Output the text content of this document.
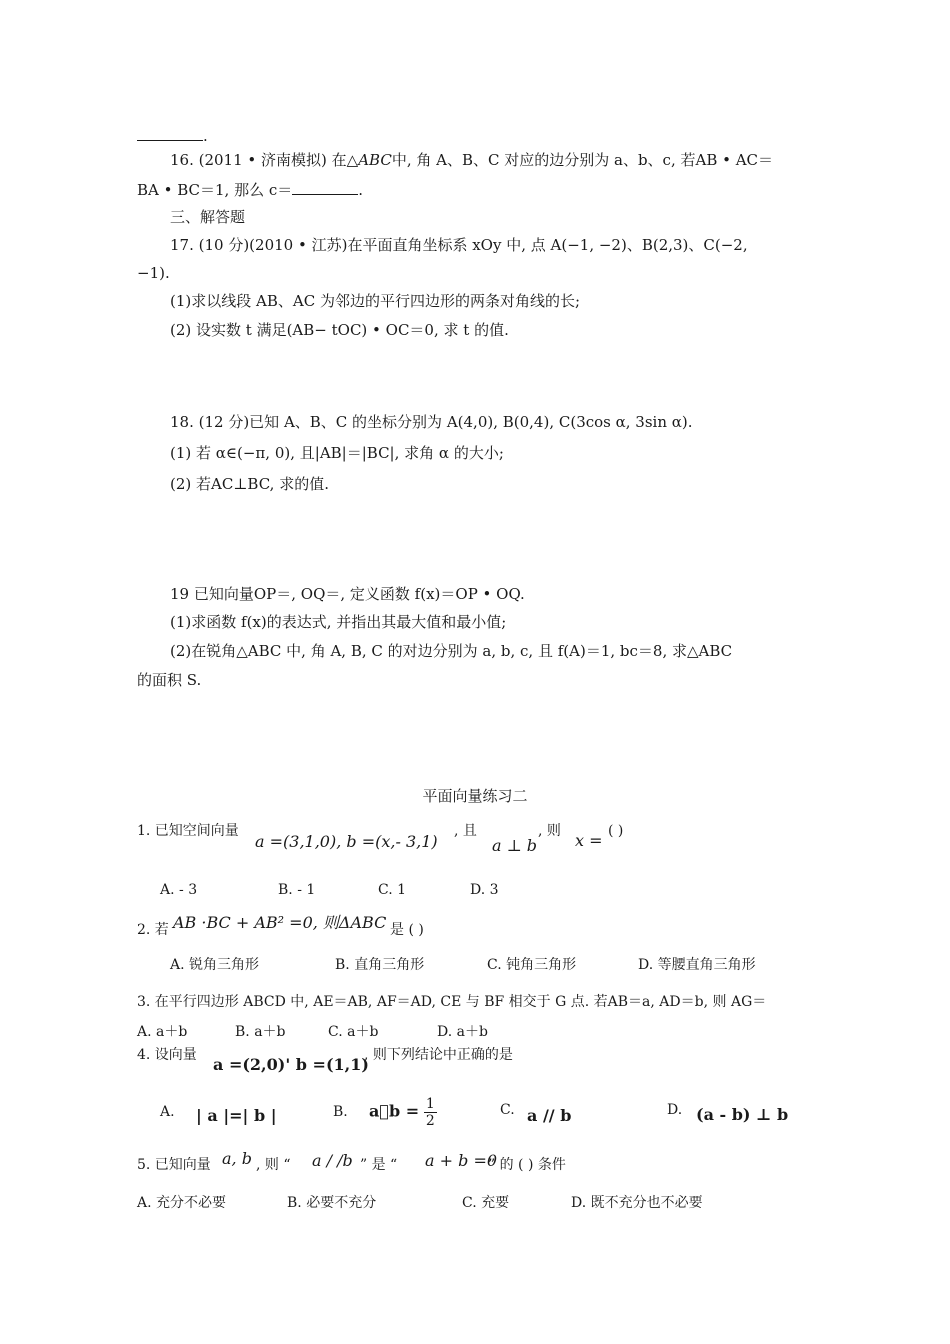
.
16. (2011 • 济南模拟) 在△ABC中, 角 A、B、C 对应的边分别为 a、b、c, 若AB • AC＝
BA • BC＝1, 那么 c＝	.
三、解答题
17. (10 分)(2010 • 江苏)在平面直角坐标系 xOy 中, 点 A(−1, −2)、B(2,3)、C(−2,
−1).
(1)求以线段 AB、AC 为邻边的平行四边形的两条对角线的长;
(2) 设实数 t 满足(AB− tOC) • OC＝0, 求 t 的值.
18. (12 分)已知 A、B、C 的坐标分别为 A(4,0), B(0,4), C(3cos α, 3sin α).
(1) 若 α∈(−π, 0), 且|AB|＝|BC|, 求角 α 的大小;
(2) 若AC⊥BC, 求的值.
19 已知向量OP＝, OQ＝, 定义函数 f(x)＝OP • OQ.
(1)求函数 f(x)的表达式, 并指出其最大值和最小值;
(2)在锐角△ABC 中, 角 A, B, C 的对边分别为 a, b, c, 且 f(A)＝1, bc＝8, 求△ABC
的面积 S.
平面向量练习二
1. 已知空间向量
a =(3,1,0), b =(x,- 3,1)
, 且
a ⊥ b
, 则 x = ( )
A. - 3	B. - 1	C. 1	D. 3
2. 若 AB ·BC + AB² =0, 则ΔABC 是 ( )
A. 锐角三角形	B. 直角三角形	C. 钝角三角形	D. 等腰直角三角形
3. 在平行四边形 ABCD 中, AE＝AB, AF＝AD, CE 与 BF 相交于 G 点. 若AB＝a, AD＝b, 则 AG＝
A. a＋b	B. a＋b	C. a＋b	D. a＋b
4. 设向量 a =(2,0)' b =(1,1)
, 则下列结论中正确的是
A. | a |=| b |	B. a⃞b = $\frac{1}{2}$	C. a // b	D. (a - b) ⊥ b
5. 已知向量 a, b , 则 “ a / /b ” 是 “ a + b =0
” 的 ( ) 条件
A. 充分不必要	B. 必要不充分	C. 充要	D. 既不充分也不必要
